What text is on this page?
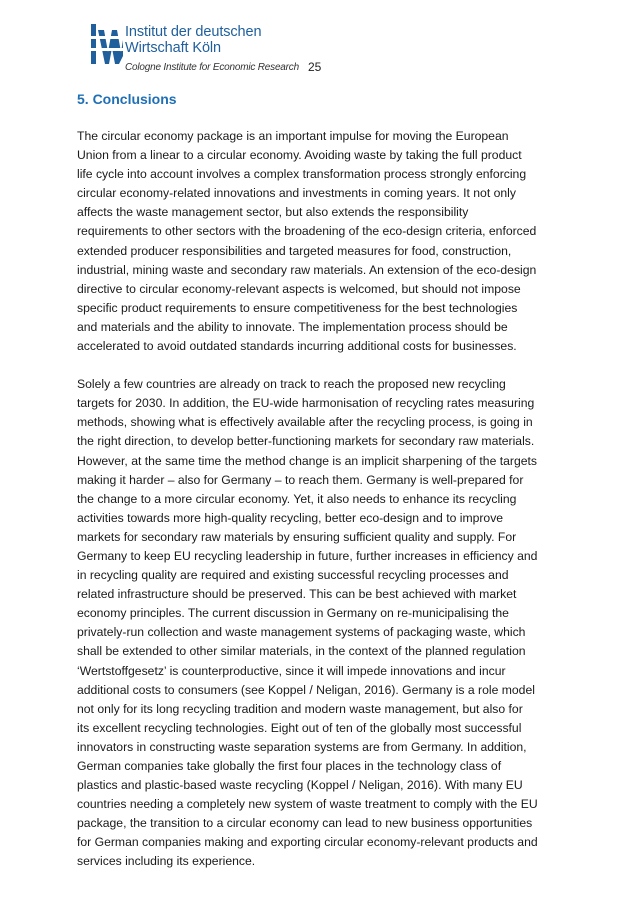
Institut der deutschen
Wirtschaft Köln
Cologne Institute for Economic Research 25
5. Conclusions

The circular economy package is an important impulse for moving the European
Union from a linear to a circular economy. Avoiding waste by taking the full product
life cycle into account involves a complex transformation process strongly enforcing
circular economy-related innovations and investments in coming years. It not only
affects the waste management sector, but also extends the responsibility
requirements to other sectors with the broadening of the eco-design criteria, enforced
extended producer responsibilities and targeted measures for food, construction,
industrial, mining waste and secondary raw materials. An extension of the eco-design
directive to circular economy-relevant aspects is welcomed, but should not impose
specific product requirements to ensure competitiveness for the best technologies
and materials and the ability to innovate. The implementation process should be
accelerated to avoid outdated standards incurring additional costs for businesses.

Solely a few countries are already on track to reach the proposed new recycling
targets for 2030. In addition, the EU-wide harmonisation of recycling rates measuring
methods, showing what is effectively available after the recycling process, is going in
the right direction, to develop better-functioning markets for secondary raw materials.
However, at the same time the method change is an implicit sharpening of the targets
making it harder – also for Germany – to reach them. Germany is well-prepared for
the change to a more circular economy. Yet, it also needs to enhance its recycling
activities towards more high-quality recycling, better eco-design and to improve
markets for secondary raw materials by ensuring sufficient quality and supply. For
Germany to keep EU recycling leadership in future, further increases in efficiency and
in recycling quality are required and existing successful recycling processes and
related infrastructure should be preserved. This can be best achieved with market
economy principles. The current discussion in Germany on re-municipalising the
privately-run collection and waste management systems of packaging waste, which
shall be extended to other similar materials, in the context of the planned regulation
‘Wertstoffgesetz’ is counterproductive, since it will impede innovations and incur
additional costs to consumers (see Koppel / Neligan, 2016). Germany is a role model
not only for its long recycling tradition and modern waste management, but also for
its excellent recycling technologies. Eight out of ten of the globally most successful
innovators in constructing waste separation systems are from Germany. In addition,
German companies take globally the first four places in the technology class of
plastics and plastic-based waste recycling (Koppel / Neligan, 2016). With many EU
countries needing a completely new system of waste treatment to comply with the EU
package, the transition to a circular economy can lead to new business opportunities
for German companies making and exporting circular economy-relevant products and
services including its experience.
